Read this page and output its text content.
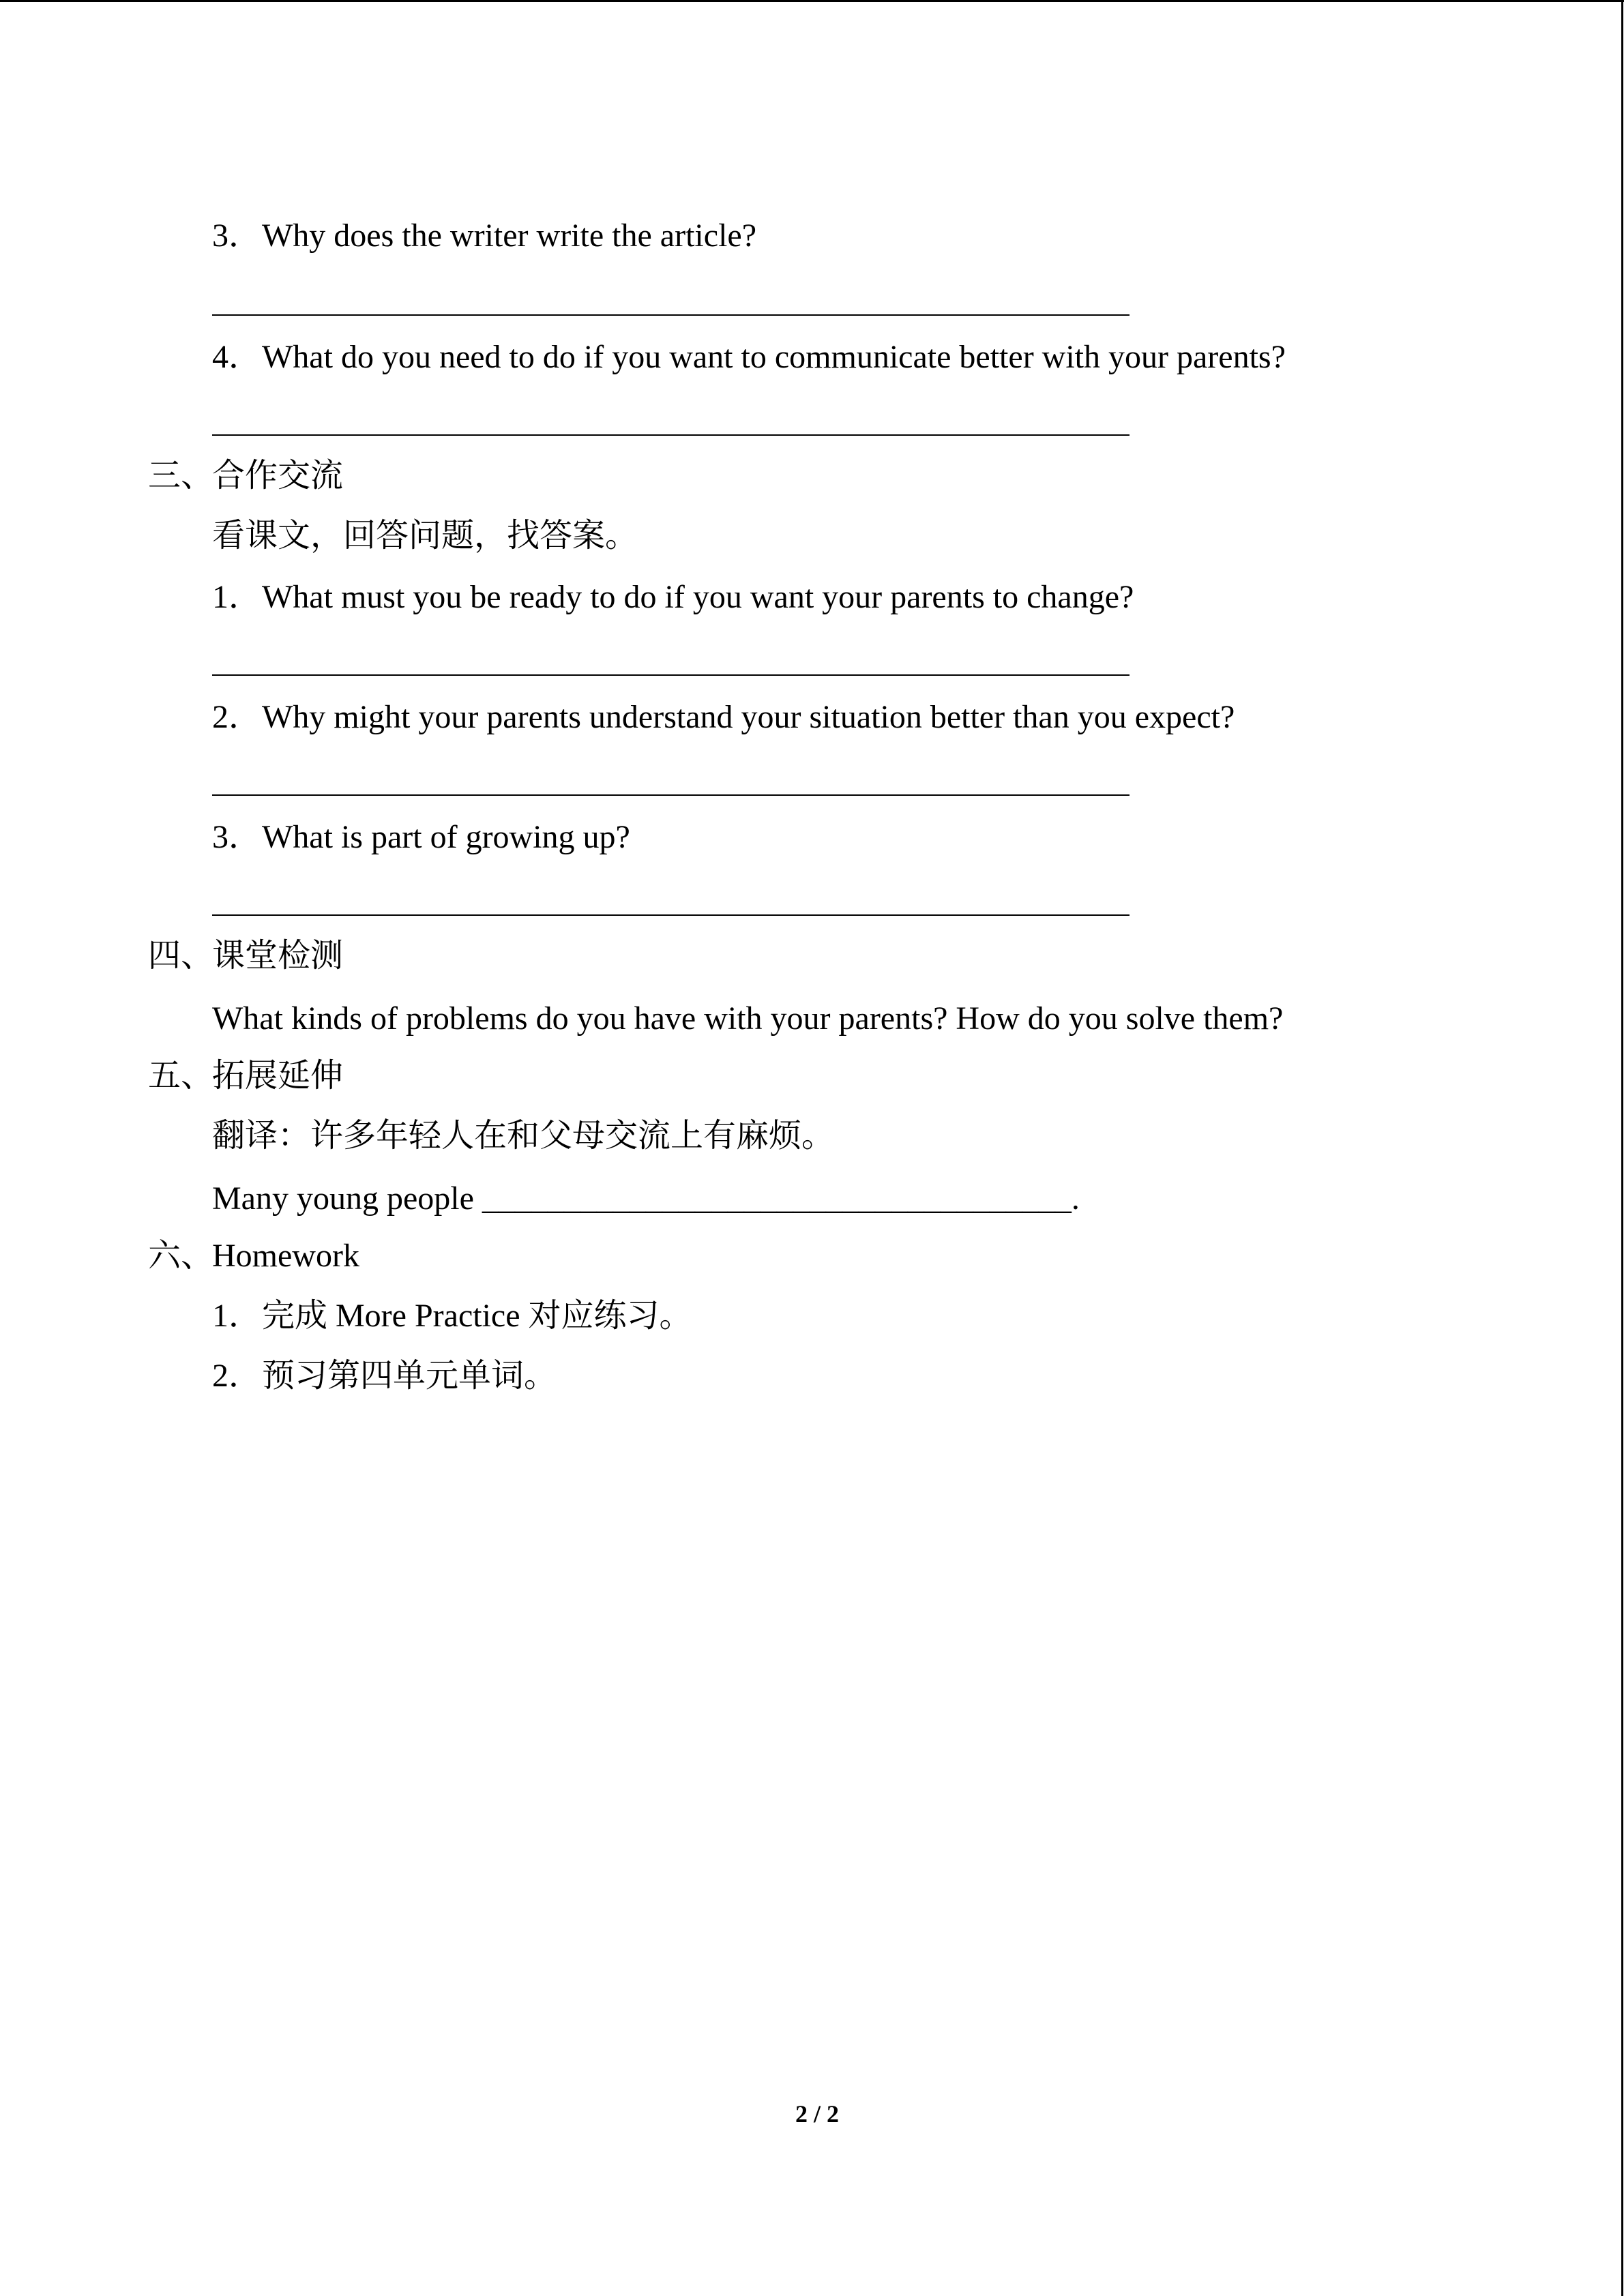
3．Why does the writer write the article?
4．What do you need to do if you want to communicate better with your parents?
三、合作交流
看课文，回答问题，找答案。
1．What must you be ready to do if you want your parents to change?
2．Why might your parents understand your situation better than you expect?
3．What is part of growing up?
四、课堂检测
What kinds of problems do you have with your parents? How do you solve them?
五、拓展延伸
翻译：许多年轻人在和父母交流上有麻烦。
Many young people ____________________________________.
六、Homework
1．完成 More Practice 对应练习。
2．预习第四单元单词。
2 / 2
